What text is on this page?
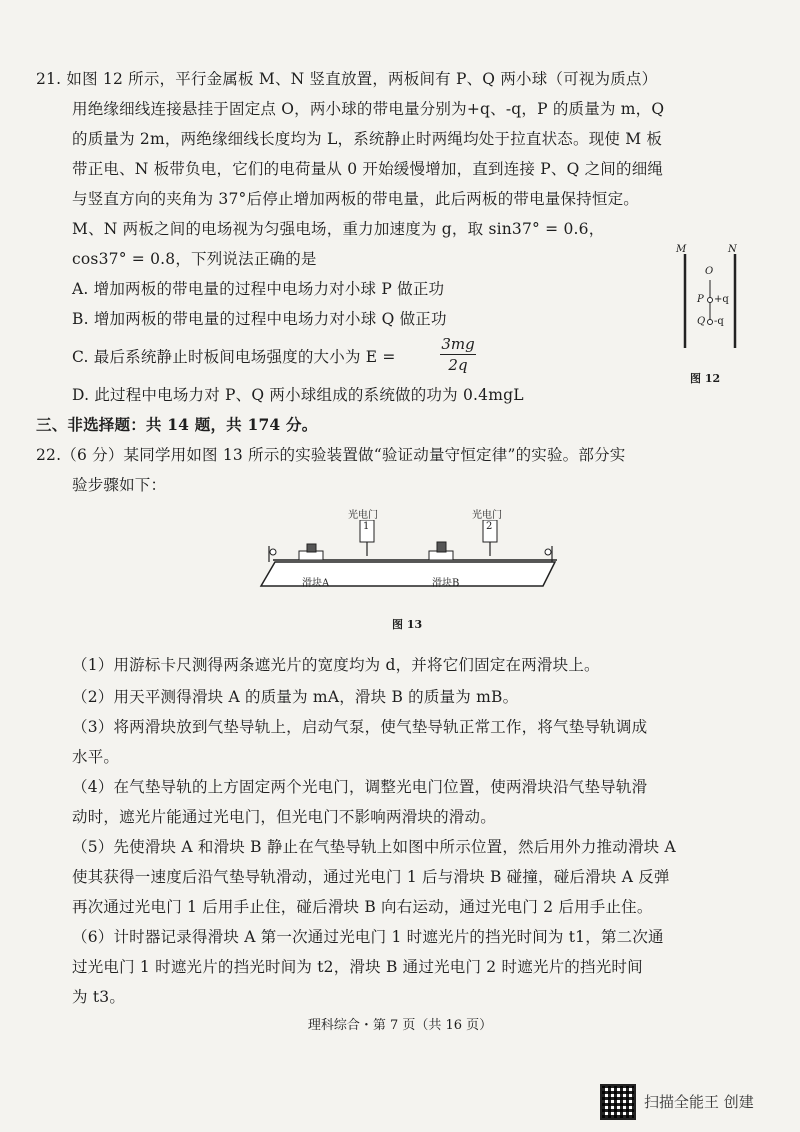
21. 如图 12 所示，平行金属板 M、N 竖直放置，两板间有 P、Q 两小球（可视为质点）
用绝缘细线连接悬挂于固定点 O，两小球的带电量分别为+q、-q，P 的质量为 m，Q
的质量为 2m，两绝缘细线长度均为 L，系统静止时两绳均处于拉直状态。现使 M 板
带正电、N 板带负电，它们的电荷量从 0 开始缓慢增加，直到连接 P、Q 之间的细绳
与竖直方向的夹角为 37°后停止增加两板的带电量，此后两板的带电量保持恒定。
M、N 两板之间的电场视为匀强电场，重力加速度为 g，取 sin37° = 0.6，
cos37° = 0.8，下列说法正确的是
A. 增加两板的带电量的过程中电场力对小球 P 做正功
B. 增加两板的带电量的过程中电场力对小球 Q 做正功
C. 最后系统静止时板间电场强度的大小为 E =
3mg
2q
D. 此过程中电场力对 P、Q 两小球组成的系统做的功为 0.4mgL
M	N
O
P +q
Q -q
图 12
三、非选择题：共 14 题，共 174 分。
22.（6 分）某同学用如图 13 所示的实验装置做“验证动量守恒定律”的实验。部分实
验步骤如下：
光电门
1
光电门
2
滑块A	滑块B
图 13
（1）用游标卡尺测得两条遮光片的宽度均为 d，并将它们固定在两滑块上。
（2）用天平测得滑块 A 的质量为 mA，滑块 B 的质量为 mB。
（3）将两滑块放到气垫导轨上，启动气泵，使气垫导轨正常工作，将气垫导轨调成
水平。
（4）在气垫导轨的上方固定两个光电门，调整光电门位置，使两滑块沿气垫导轨滑
动时，遮光片能通过光电门，但光电门不影响两滑块的滑动。
（5）先使滑块 A 和滑块 B 静止在气垫导轨上如图中所示位置，然后用外力推动滑块 A
使其获得一速度后沿气垫导轨滑动，通过光电门 1 后与滑块 B 碰撞，碰后滑块 A 反弹
再次通过光电门 1 后用手止住，碰后滑块 B 向右运动，通过光电门 2 后用手止住。
（6）计时器记录得滑块 A 第一次通过光电门 1 时遮光片的挡光时间为 t1，第二次通
过光电门 1 时遮光片的挡光时间为 t2，滑块 B 通过光电门 2 时遮光片的挡光时间
为 t3。
理科综合・第 7 页（共 16 页）
扫描全能王 创建
